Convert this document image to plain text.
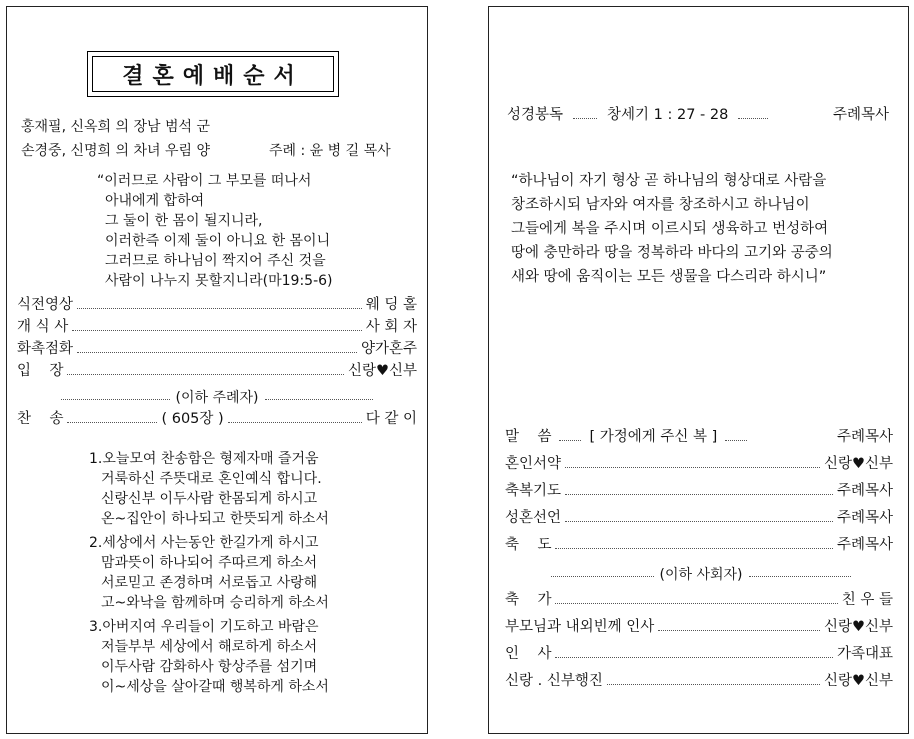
결혼예배순서
홍재필, 신옥희 의 장남 범석 군
손경중, 신명희 의 차녀 우림 양	주례 : 윤 병 길 목사
“이러므로 사람이 그 부모를 떠나서
아내에게 합하여
그 둘이 한 몸이 될지니라,
이러한즉 이제 둘이 아니요 한 몸이니
그러므로 하나님이 짝지어 주신 것을
사람이 나누지 못할지니라(마19:5-6)
식전영상	웨 딩 홀
개 식 사	사 회 자
화촉점화	양가혼주
입    장	신랑♥신부
(이하 주례자)
찬    송	( 605장 )	다 같 이
1.오늘모여 찬송함은 형제자매 즐거움
거룩하신 주뜻대로 혼인예식 합니다.
신랑신부 이두사람 한몸되게 하시고
온~집안이 하나되고 한뜻되게 하소서
2.세상에서 사는동안 한길가게 하시고
맘과뜻이 하나되어 주따르게 하소서
서로믿고 존경하며 서로돕고 사랑해
고~와낙을 함께하며 승리하게 하소서
3.아버지여 우리들이 기도하고 바람은
저들부부 세상에서 해로하게 하소서
이두사람 감화하사 항상주를 섬기며
이~세상을 살아갈때 행복하게 하소서
성경봉독	창세기 1 : 27 - 28	주례목사
“하나님이 자기 형상 곧 하나님의 형상대로 사람을
창조하시되 남자와 여자를 창조하시고 하나님이
그들에게 복을 주시며 이르시되 생육하고 번성하여
땅에 충만하라 땅을 정복하라 바다의 고기와 공중의
새와 땅에 움직이는 모든 생물을 다스리라 하시니”
말    씀	[ 가정에게 주신 복 ]	주례목사
혼인서약	신랑♥신부
축복기도	주례목사
성혼선언	주례목사
축    도	주례목사
(이하 사회자)
축    가	친 우 들
부모님과 내외빈께 인사	신랑♥신부
인    사	가족대표
신랑 . 신부행진	신랑♥신부
